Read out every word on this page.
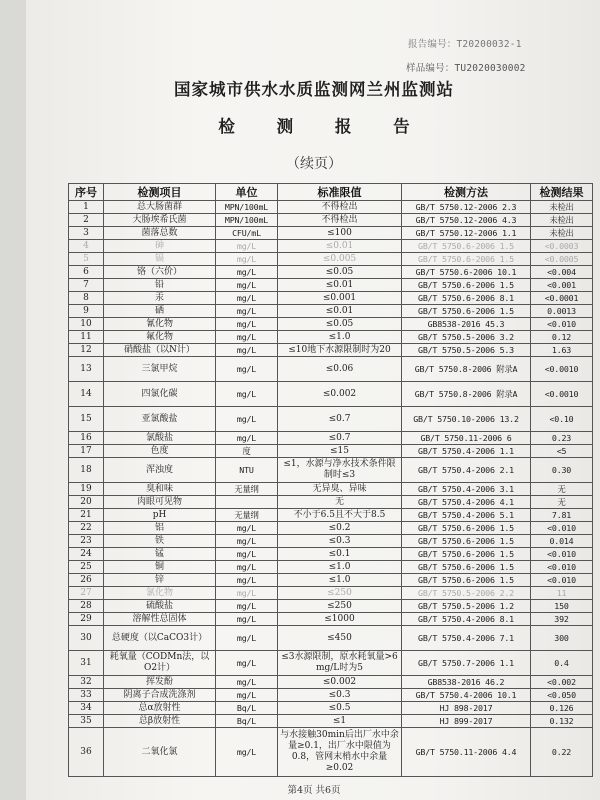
报告编号：T20200032-1
样品编号：TU2020030002
国家城市供水水质监测网兰州监测站
检 测 报 告
（续页）
序号	检测项目	单位	标准限值	检测方法	检测结果
1	总大肠菌群	MPN/100mL	不得检出	GB/T 5750.12-2006 2.3	未检出
2	大肠埃希氏菌	MPN/100mL	不得检出	GB/T 5750.12-2006 4.3	未检出
3	菌落总数	CFU/mL	≤100	GB/T 5750.12-2006 1.1	未检出
4	砷	mg/L	≤0.01	GB/T 5750.6-2006 1.5	<0.0003
5	镉	mg/L	≤0.005	GB/T 5750.6-2006 1.5	<0.0005
6	铬（六价）	mg/L	≤0.05	GB/T 5750.6-2006 10.1	<0.004
7	铅	mg/L	≤0.01	GB/T 5750.6-2006 1.5	<0.001
8	汞	mg/L	≤0.001	GB/T 5750.6-2006 8.1	<0.0001
9	硒	mg/L	≤0.01	GB/T 5750.6-2006 1.5	0.0013
10	氰化物	mg/L	≤0.05	GB8538-2016 45.3	<0.010
11	氟化物	mg/L	≤1.0	GB/T 5750.5-2006 3.2	0.12
12	硝酸盐（以N计）	mg/L	≤10地下水源限制时为20	GB/T 5750.5-2006 5.3	1.63
13	三氯甲烷	mg/L	≤0.06	GB/T 5750.8-2006 附录A	<0.0010
14	四氯化碳	mg/L	≤0.002	GB/T 5750.8-2006 附录A	<0.0010
15	亚氯酸盐	mg/L	≤0.7	GB/T 5750.10-2006 13.2	<0.10
16	氯酸盐	mg/L	≤0.7	GB/T 5750.11-2006 6	0.23
17	色度	度	≤15	GB/T 5750.4-2006 1.1	<5
18	浑浊度	NTU	≤1，水源与净水技术条件限制时≤3	GB/T 5750.4-2006 2.1	0.30
19	臭和味	无量纲	无异臭、异味	GB/T 5750.4-2006 3.1	无
20	肉眼可见物		无	GB/T 5750.4-2006 4.1	无
21	pH	无量纲	不小于6.5且不大于8.5	GB/T 5750.4-2006 5.1	7.81
22	铝	mg/L	≤0.2	GB/T 5750.6-2006 1.5	<0.010
23	铁	mg/L	≤0.3	GB/T 5750.6-2006 1.5	0.014
24	锰	mg/L	≤0.1	GB/T 5750.6-2006 1.5	<0.010
25	铜	mg/L	≤1.0	GB/T 5750.6-2006 1.5	<0.010
26	锌	mg/L	≤1.0	GB/T 5750.6-2006 1.5	<0.010
27	氯化物	mg/L	≤250	GB/T 5750.5-2006 2.2	11
28	硫酸盐	mg/L	≤250	GB/T 5750.5-2006 1.2	150
29	溶解性总固体	mg/L	≤1000	GB/T 5750.4-2006 8.1	392
30	总硬度（以CaCO3计）	mg/L	≤450	GB/T 5750.4-2006 7.1	300
31	耗氧量（CODMn法，以O2计）	mg/L	≤3水源限制，原水耗氧量>6 mg/L时为5	GB/T 5750.7-2006 1.1	0.4
32	挥发酚	mg/L	≤0.002	GB8538-2016 46.2	<0.002
33	阴离子合成洗涤剂	mg/L	≤0.3	GB/T 5750.4-2006 10.1	<0.050
34	总α放射性	Bq/L	≤0.5	HJ 898-2017	0.126
35	总β放射性	Bq/L	≤1	HJ 899-2017	0.132
36	二氧化氯	mg/L	与水接触30min后出厂水中余量≥0.1，出厂水中限值为0.8，管网末梢水中余量≥0.02	GB/T 5750.11-2006 4.4	0.22
第4页 共6页
